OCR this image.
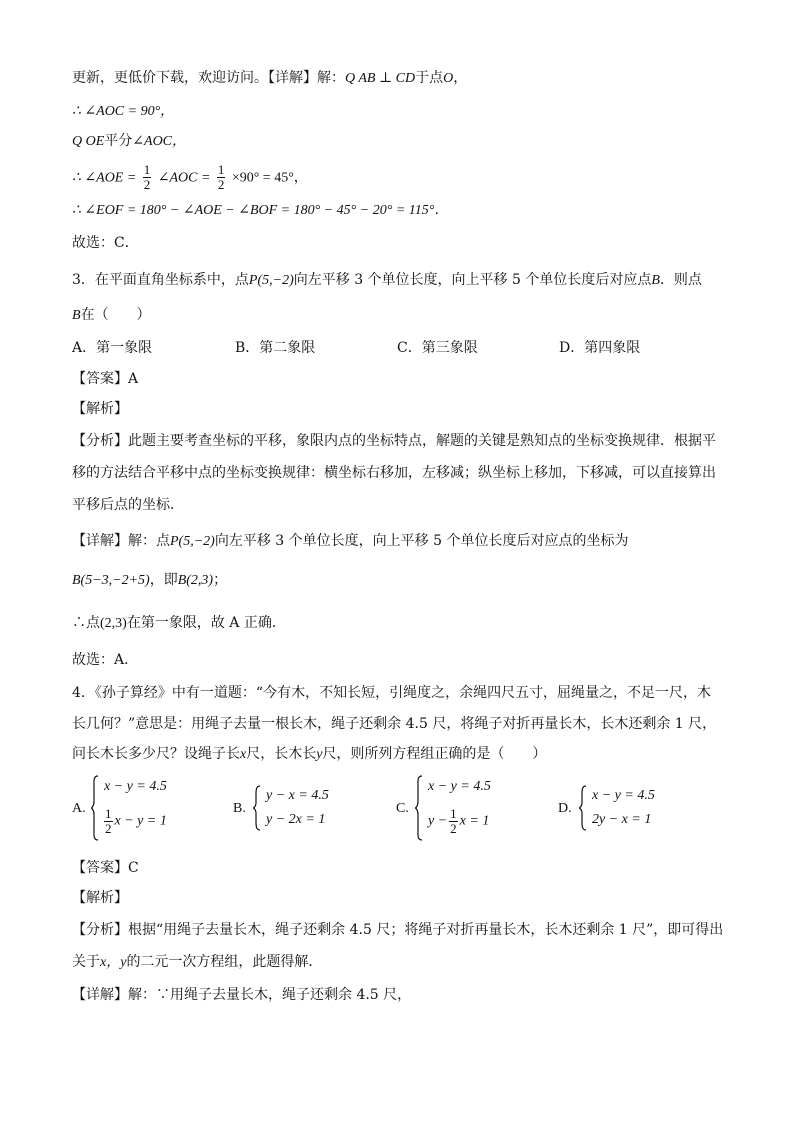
更新，更低价下载，欢迎访问。【详解】解：Q AB ⊥ CD于点O，
∴ ∠AOC = 90°，
Q OE平分∠AOC，
∴ ∠AOE = $\frac{1}{2}$ ∠AOC = $\frac{1}{2} \times 90^\circ = 45^\circ$，
∴ ∠EOF = 180° − ∠AOE − ∠BOF = 180° − 45° − 20° = 115°．
故选：C．
3．在平面直角坐标系中，点P(5,−2)向左平移 3 个单位长度，向上平移 5 个单位长度后对应点B．则点
B在（　　）
A．第一象限	B．第二象限	C．第三象限	D．第四象限
【答案】A
【解析】
【分析】此题主要考查坐标的平移，象限内点的坐标特点，解题的关键是熟知点的坐标变换规律．根据平
移的方法结合平移中点的坐标变换规律：横坐标右移加，左移减；纵坐标上移加，下移减，可以直接算出
平移后点的坐标．
【详解】解：点P(5,−2)向左平移 3 个单位长度，向上平移 5 个单位长度后对应点的坐标为
B(5−3,−2+5)，即B(2,3)；
∴点(2,3)在第一象限，故 A 正确．
故选：A．
4．《孙子算经》中有一道题：“今有木，不知长短，引绳度之，余绳四尺五寸，屈绳量之，不足一尺，木
长几何？”意思是：用绳子去量一根长木，绳子还剩余 4.5 尺，将绳子对折再量长木，长木还剩余 1 尺，
问长木长多少尺？设绳子长x尺，长木长y尺，则所列方程组正确的是（　　）
A.
x − y = 4.5
$\frac{1}{2}$ x − y = 1
B.
y − x = 4.5
y − 2x = 1
C.
x − y = 4.5
$y - \frac{1}{2}$ x = 1
D.
x − y = 4.5
2y − x = 1
【答案】C
【解析】
【分析】根据“用绳子去量长木，绳子还剩余 4.5 尺；将绳子对折再量长木，长木还剩余 1 尺”，即可得出
关于x，y的二元一次方程组，此题得解．
【详解】解：∵用绳子去量长木，绳子还剩余 4.5 尺，
